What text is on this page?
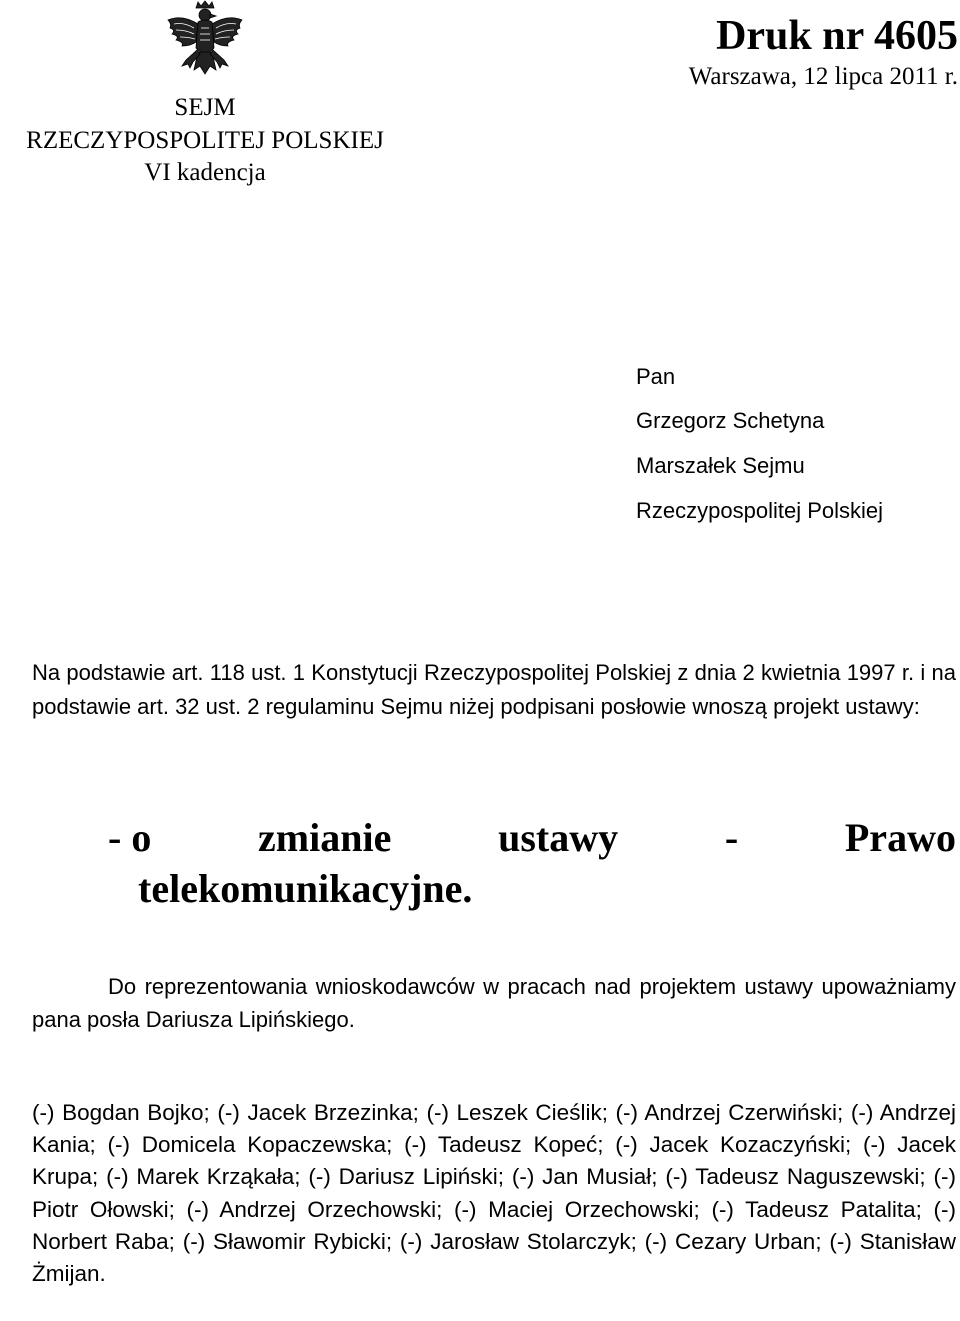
SEJM
RZECZYPOSPOLITEJ POLSKIEJ
VI kadencja
Druk nr 4605
Warszawa, 12 lipca 2011 r.
Pan
Grzegorz Schetyna
Marszałek Sejmu
Rzeczypospolitej Polskiej

Na podstawie art. 118 ust. 1 Konstytucji Rzeczypospolitej Polskiej z dnia 2 kwietnia 1997 r. i na podstawie art. 32 ust. 2 regulaminu Sejmu niżej podpisani posłowie wnoszą projekt ustawy:

- o	zmianie	ustawy	-	Prawo
telekomunikacyjne.
Do reprezentowania wnioskodawców w pracach nad projektem ustawy upoważniamy pana posła Dariusza Lipińskiego.
(-) Bogdan Bojko; (-) Jacek Brzezinka; (-) Leszek Cieślik; (-) Andrzej Czerwiński; (-) Andrzej Kania; (-) Domicela Kopaczewska; (-) Tadeusz Kopeć; (-) Jacek Kozaczyński; (-) Jacek Krupa; (-) Marek Krząkała; (-) Dariusz Lipiński; (-) Jan Musiał; (-) Tadeusz Naguszewski; (-) Piotr Ołowski; (-) Andrzej Orzechowski; (-) Maciej Orzechowski; (-) Tadeusz Patalita; (-) Norbert Raba; (-) Sławomir Rybicki; (-) Jarosław Stolarczyk; (-) Cezary Urban; (-) Stanisław Żmijan.
